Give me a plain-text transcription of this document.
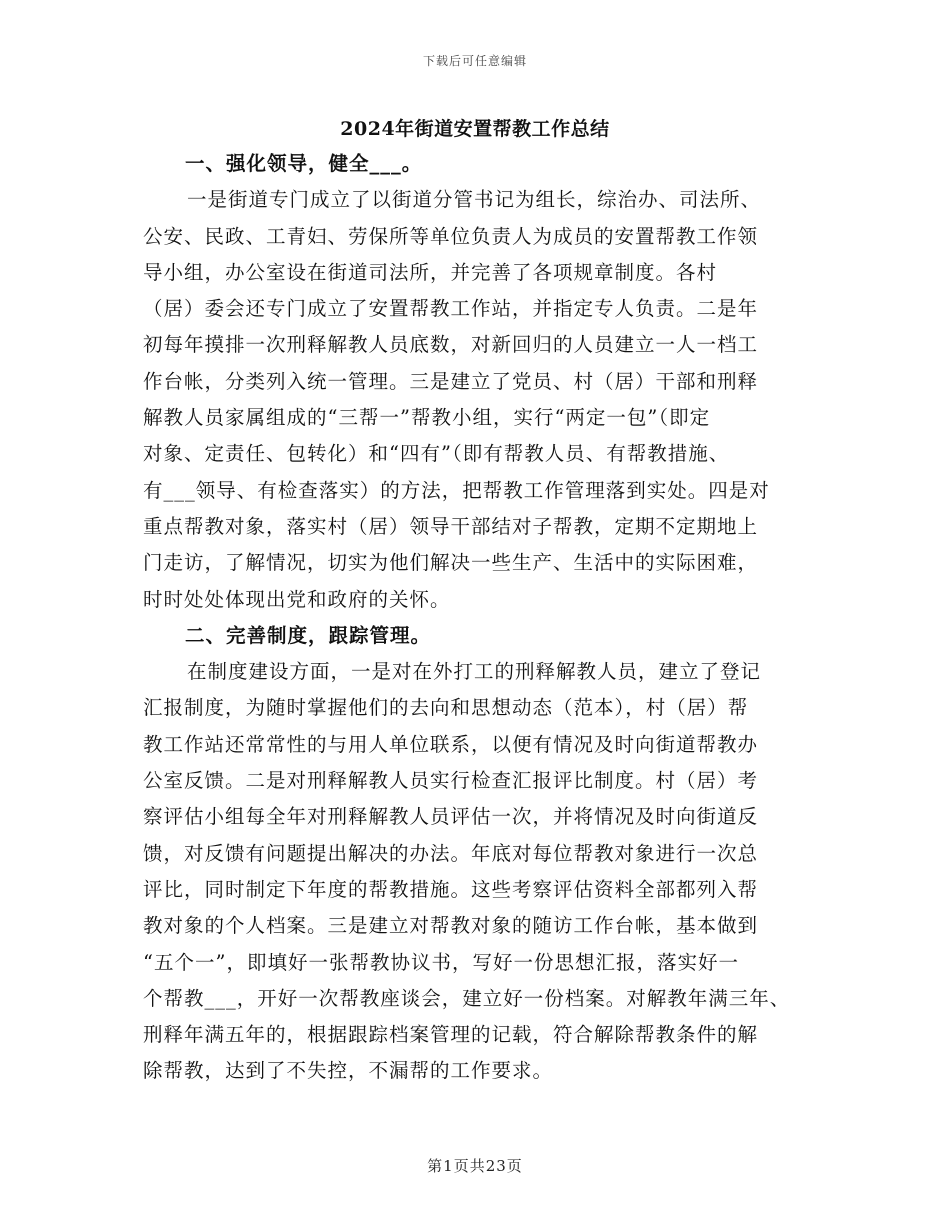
下载后可任意编辑
2024年街道安置帮教工作总结
一、强化领导，健全___。
一是街道专门成立了以街道分管书记为组长，综治办、司法所、
公安、民政、工青妇、劳保所等单位负责人为成员的安置帮教工作领
导小组，办公室设在街道司法所，并完善了各项规章制度。各村
（居）委会还专门成立了安置帮教工作站，并指定专人负责。二是年
初每年摸排一次刑释解教人员底数，对新回归的人员建立一人一档工
作台帐，分类列入统一管理。三是建立了党员、村（居）干部和刑释
解教人员家属组成的“三帮一”帮教小组，实行“两定一包”（即定
对象、定责任、包转化）和“四有”（即有帮教人员、有帮教措施、
有___领导、有检查落实）的方法，把帮教工作管理落到实处。四是对
重点帮教对象，落实村（居）领导干部结对子帮教，定期不定期地上
门走访，了解情况，切实为他们解决一些生产、生活中的实际困难，
时时处处体现出党和政府的关怀。
二、完善制度，跟踪管理。
在制度建设方面，一是对在外打工的刑释解教人员，建立了登记
汇报制度，为随时掌握他们的去向和思想动态（范本），村（居）帮
教工作站还常常性的与用人单位联系，以便有情况及时向街道帮教办
公室反馈。二是对刑释解教人员实行检查汇报评比制度。村（居）考
察评估小组每全年对刑释解教人员评估一次，并将情况及时向街道反
馈，对反馈有问题提出解决的办法。年底对每位帮教对象进行一次总
评比，同时制定下年度的帮教措施。这些考察评估资料全部都列入帮
教对象的个人档案。三是建立对帮教对象的随访工作台帐，基本做到
“五个一”，即填好一张帮教协议书，写好一份思想汇报，落实好一
个帮教___，开好一次帮教座谈会，建立好一份档案。对解教年满三年、
刑释年满五年的，根据跟踪档案管理的记载，符合解除帮教条件的解
除帮教，达到了不失控，不漏帮的工作要求。
第1页共23页
